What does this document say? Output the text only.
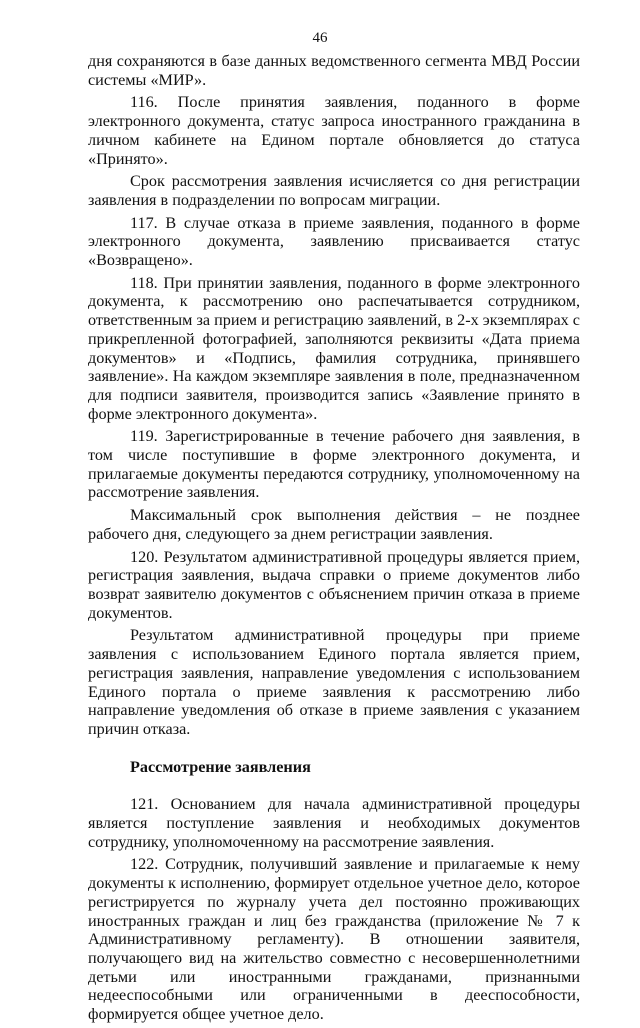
46

дня сохраняются в базе данных ведомственного сегмента МВД России системы «МИР».

116. После принятия заявления, поданного в форме электронного документа, статус запроса иностранного гражданина в личном кабинете на Едином портале обновляется до статуса «Принято».

Срок рассмотрения заявления исчисляется со дня регистрации заявления в подразделении по вопросам миграции.

117. В случае отказа в приеме заявления, поданного в форме электронного документа, заявлению присваивается статус «Возвращено».

118. При принятии заявления, поданного в форме электронного документа, к рассмотрению оно распечатывается сотрудником, ответственным за прием и регистрацию заявлений, в 2-х экземплярах с прикрепленной фотографией, заполняются реквизиты «Дата приема документов» и «Подпись, фамилия сотрудника, принявшего заявление». На каждом экземпляре заявления в поле, предназначенном для подписи заявителя, производится запись «Заявление принято в форме электронного документа».

119. Зарегистрированные в течение рабочего дня заявления, в том числе поступившие в форме электронного документа, и прилагаемые документы передаются сотруднику, уполномоченному на рассмотрение заявления.

Максимальный срок выполнения действия – не позднее рабочего дня, следующего за днем регистрации заявления.

120. Результатом административной процедуры является прием, регистрация заявления, выдача справки о приеме документов либо возврат заявителю документов с объяснением причин отказа в приеме документов.

Результатом административной процедуры при приеме заявления с использованием Единого портала является прием, регистрация заявления, направление уведомления с использованием Единого портала о приеме заявления к рассмотрению либо направление уведомления об отказе в приеме заявления с указанием причин отказа.

Рассмотрение заявления

121. Основанием для начала административной процедуры является поступление заявления и необходимых документов сотруднику, уполномоченному на рассмотрение заявления.

122. Сотрудник, получивший заявление и прилагаемые к нему документы к исполнению, формирует отдельное учетное дело, которое регистрируется по журналу учета дел постоянно проживающих иностранных граждан и лиц без гражданства (приложение № 7 к Административному регламенту). В отношении заявителя, получающего вид на жительство совместно с несовершеннолетними детьми или иностранными гражданами, признанными недееспособными или ограниченными в дееспособности, формируется общее учетное дело.
